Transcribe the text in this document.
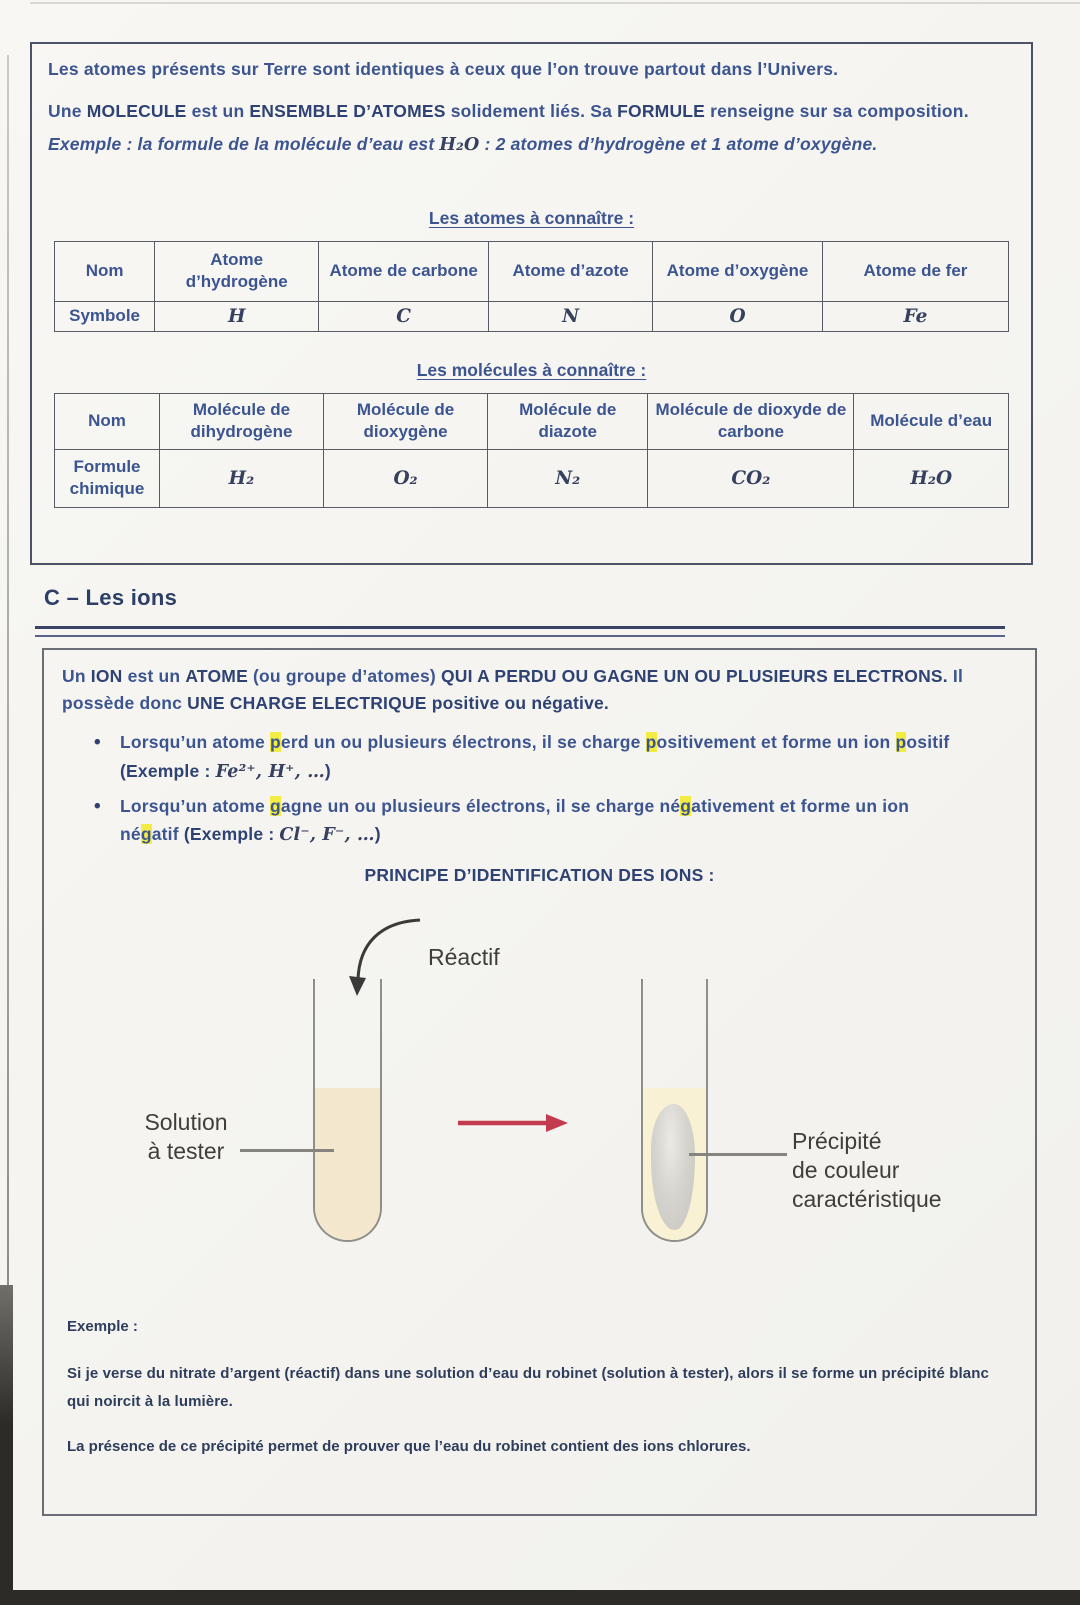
Les atomes présents sur Terre sont identiques à ceux que l’on trouve partout dans l’Univers.

Une MOLECULE est un ENSEMBLE D’ATOMES solidement liés. Sa FORMULE renseigne sur sa composition.

Exemple : la formule de la molécule d’eau est H₂O : 2 atomes d’hydrogène et 1 atome d’oxygène.

Les atomes à connaître :
Nom	Atome d’hydrogène	Atome de carbone	Atome d’azote	Atome d’oxygène	Atome de fer
Symbole	H	C	N	O	Fe
Les molécules à connaître :
Nom	Molécule de dihydrogène	Molécule de dioxygène	Molécule de diazote	Molécule de dioxyde de carbone	Molécule d’eau
Formule chimique	H₂	O₂	N₂	CO₂	H₂O
C – Les ions

Un ION est un ATOME (ou groupe d’atomes) QUI A PERDU OU GAGNE UN OU PLUSIEURS ELECTRONS. Il possède donc UNE CHARGE ELECTRIQUE positive ou négative.

• Lorsqu’un atome perd un ou plusieurs électrons, il se charge positivement et forme un ion positif
(Exemple : Fe²⁺, H⁺, …)
• Lorsqu’un atome gagne un ou plusieurs électrons, il se charge négativement et forme un ion
négatif (Exemple : Cl⁻, F⁻, …)
PRINCIPE D’IDENTIFICATION DES IONS :
Réactif
Solution
à tester	Précipité
de couleur
caractéristique
Exemple :
Si je verse du nitrate d’argent (réactif) dans une solution d’eau du robinet (solution à tester), alors il se forme un précipité blanc qui noircit à la lumière.
La présence de ce précipité permet de prouver que l’eau du robinet contient des ions chlorures.
